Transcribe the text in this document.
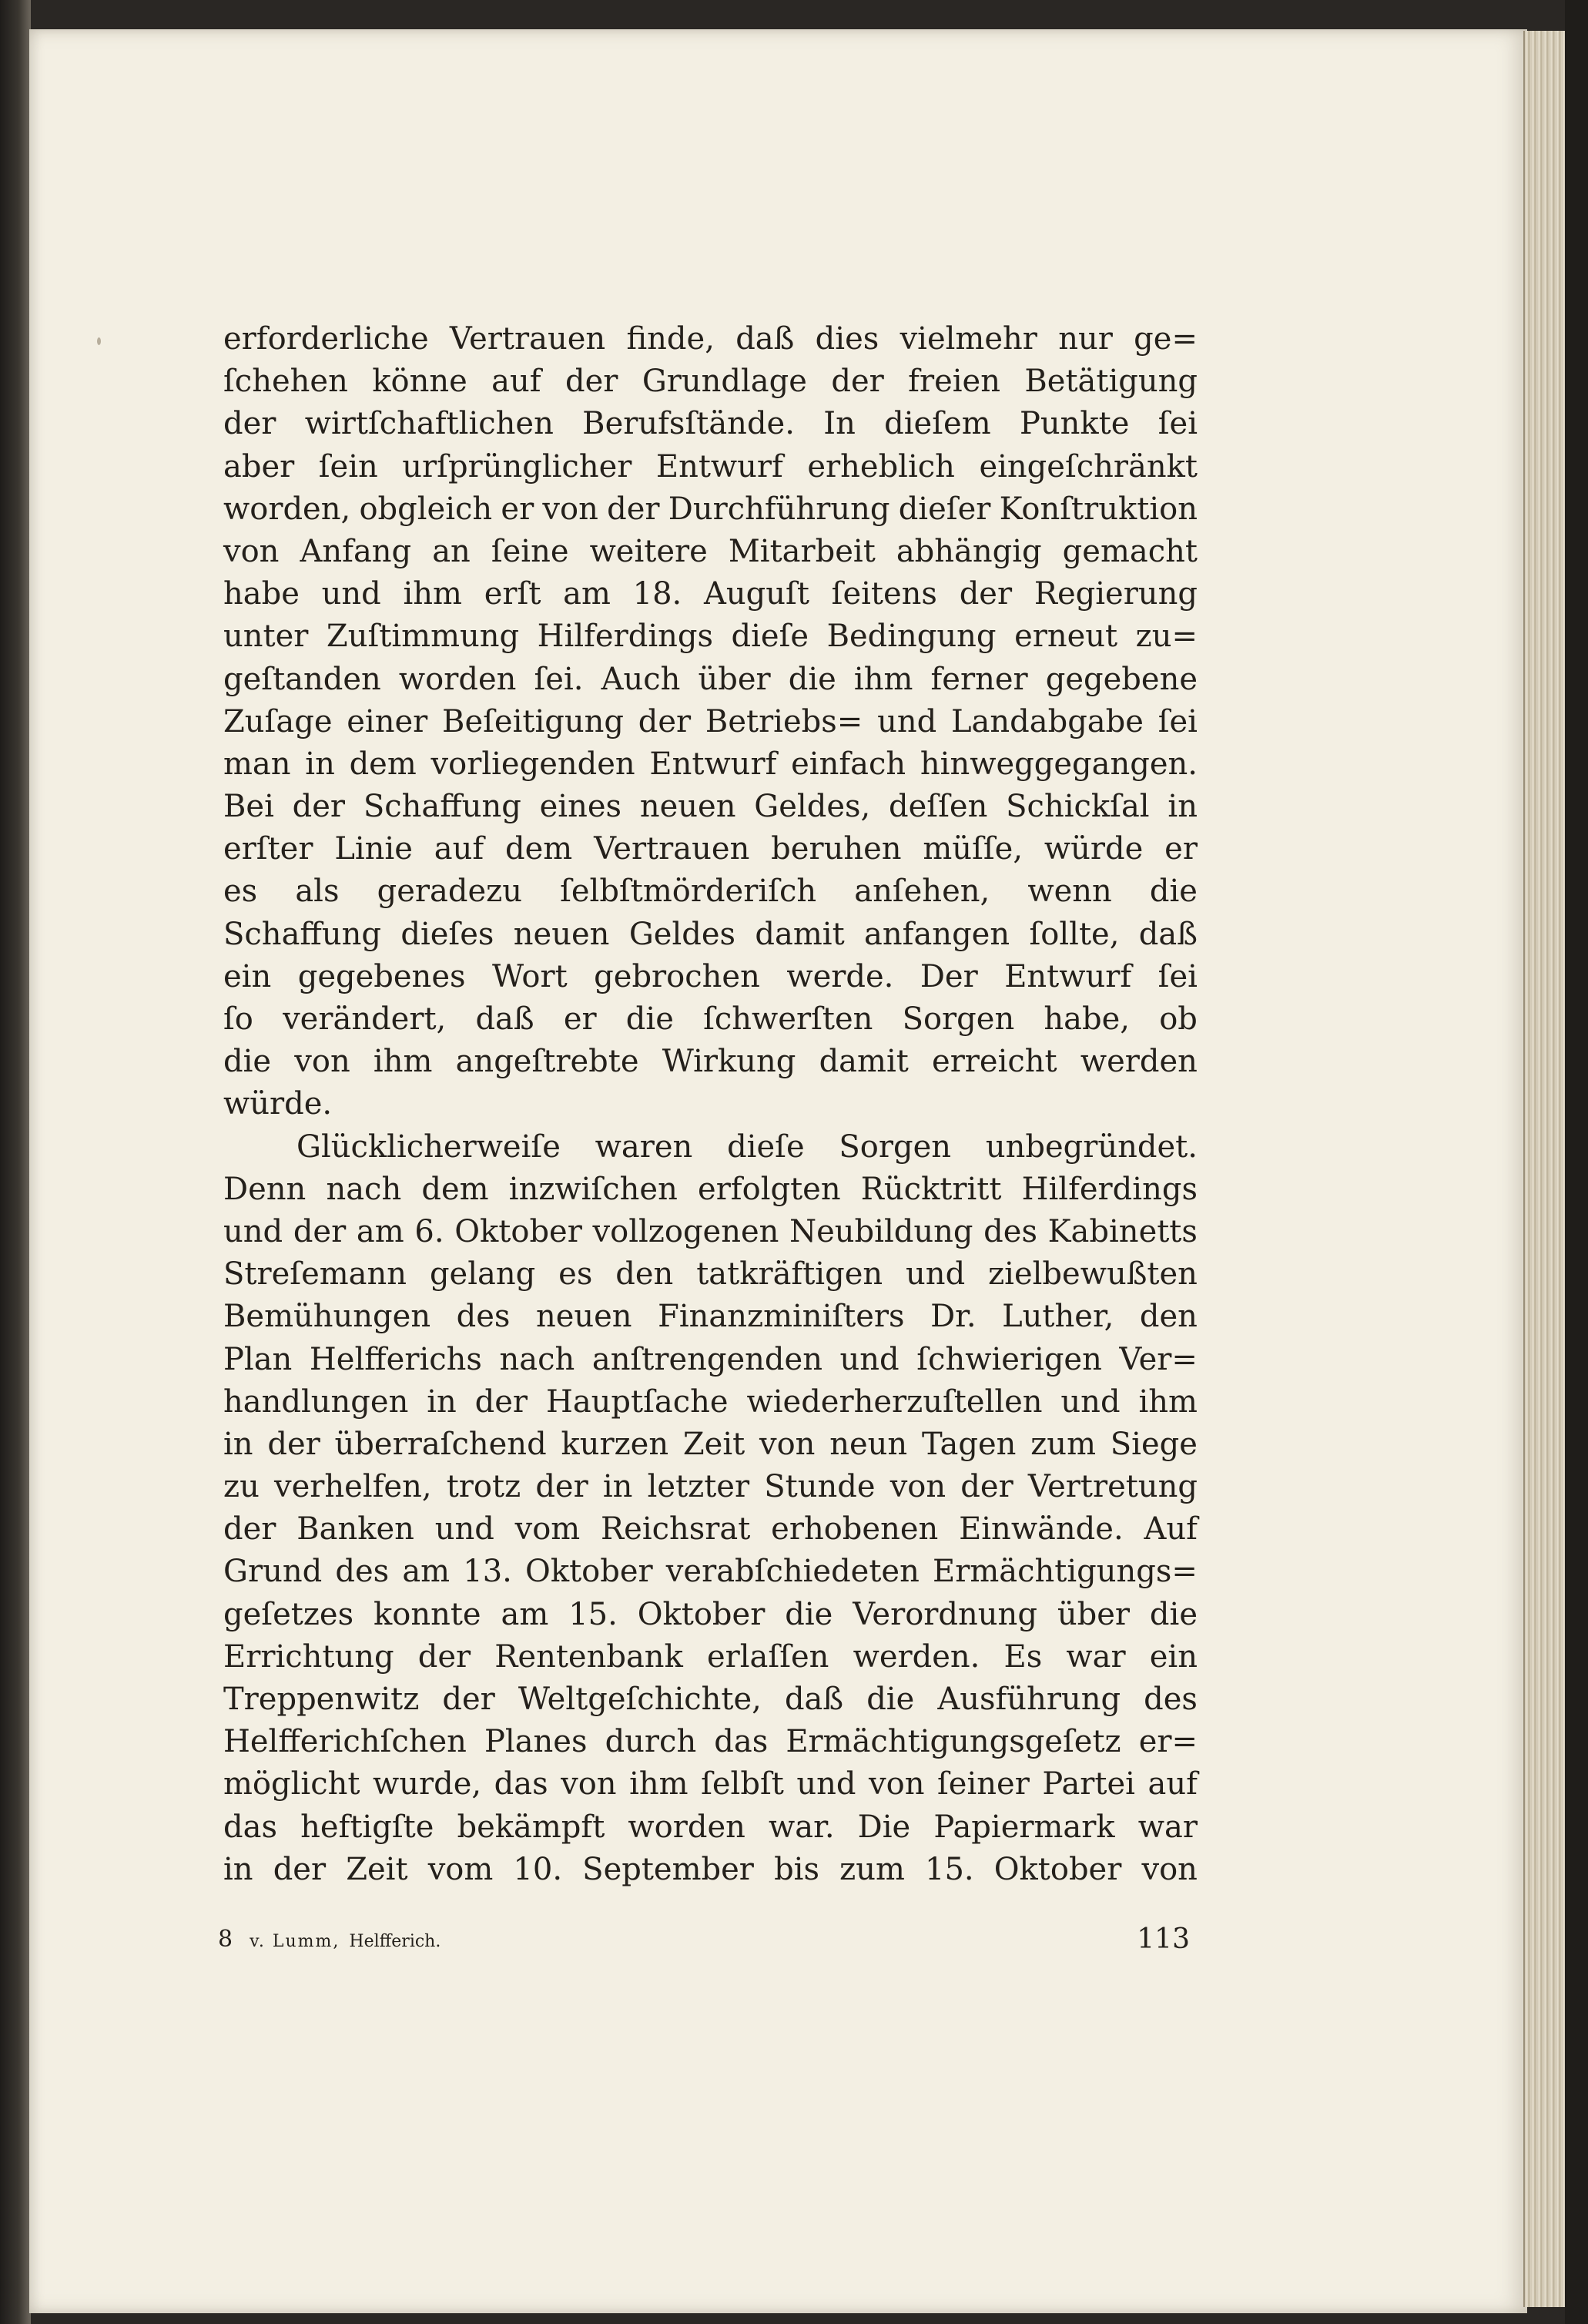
erforderliche Vertrauen finde, daß dies vielmehr nur ge=
ſchehen könne auf der Grundlage der freien Betätigung
der wirtſchaftlichen Berufsſtände. In dieſem Punkte ſei
aber ſein urſprünglicher Entwurf erheblich eingeſchränkt
worden, obgleich er von der Durchführung dieſer Konſtruktion
von Anfang an ſeine weitere Mitarbeit abhängig gemacht
habe und ihm erſt am 18. Auguſt ſeitens der Regierung
unter Zuſtimmung Hilferdings dieſe Bedingung erneut zu=
geſtanden worden ſei. Auch über die ihm ferner gegebene
Zuſage einer Beſeitigung der Betriebs= und Landabgabe ſei
man in dem vorliegenden Entwurf einfach hinweggegangen.
Bei der Schaffung eines neuen Geldes, deſſen Schickſal in
erſter Linie auf dem Vertrauen beruhen müſſe, würde er
es als geradezu ſelbſtmörderiſch anſehen, wenn die
Schaffung dieſes neuen Geldes damit anfangen ſollte, daß
ein gegebenes Wort gebrochen werde. Der Entwurf ſei
ſo verändert, daß er die ſchwerſten Sorgen habe, ob
die von ihm angeſtrebte Wirkung damit erreicht werden
würde.
Glücklicherweiſe waren dieſe Sorgen unbegründet.
Denn nach dem inzwiſchen erfolgten Rücktritt Hilferdings
und der am 6. Oktober vollzogenen Neubildung des Kabinetts
Streſemann gelang es den tatkräftigen und zielbewußten
Bemühungen des neuen Finanzminiſters Dr. Luther, den
Plan Helfferichs nach anſtrengenden und ſchwierigen Ver=
handlungen in der Hauptſache wiederherzuſtellen und ihm
in der überraſchend kurzen Zeit von neun Tagen zum Siege
zu verhelfen, trotz der in letzter Stunde von der Vertretung
der Banken und vom Reichsrat erhobenen Einwände. Auf
Grund des am 13. Oktober verabſchiedeten Ermächtigungs=
geſetzes konnte am 15. Oktober die Verordnung über die
Errichtung der Rentenbank erlaſſen werden. Es war ein
Treppenwitz der Weltgeſchichte, daß die Ausführung des
Helfferichſchen Planes durch das Ermächtigungsgeſetz er=
möglicht wurde, das von ihm ſelbſt und von ſeiner Partei auf
das heftigſte bekämpft worden war. Die Papiermark war
in der Zeit vom 10. September bis zum 15. Oktober von
8 v. Lumm, Helfferich.	113
